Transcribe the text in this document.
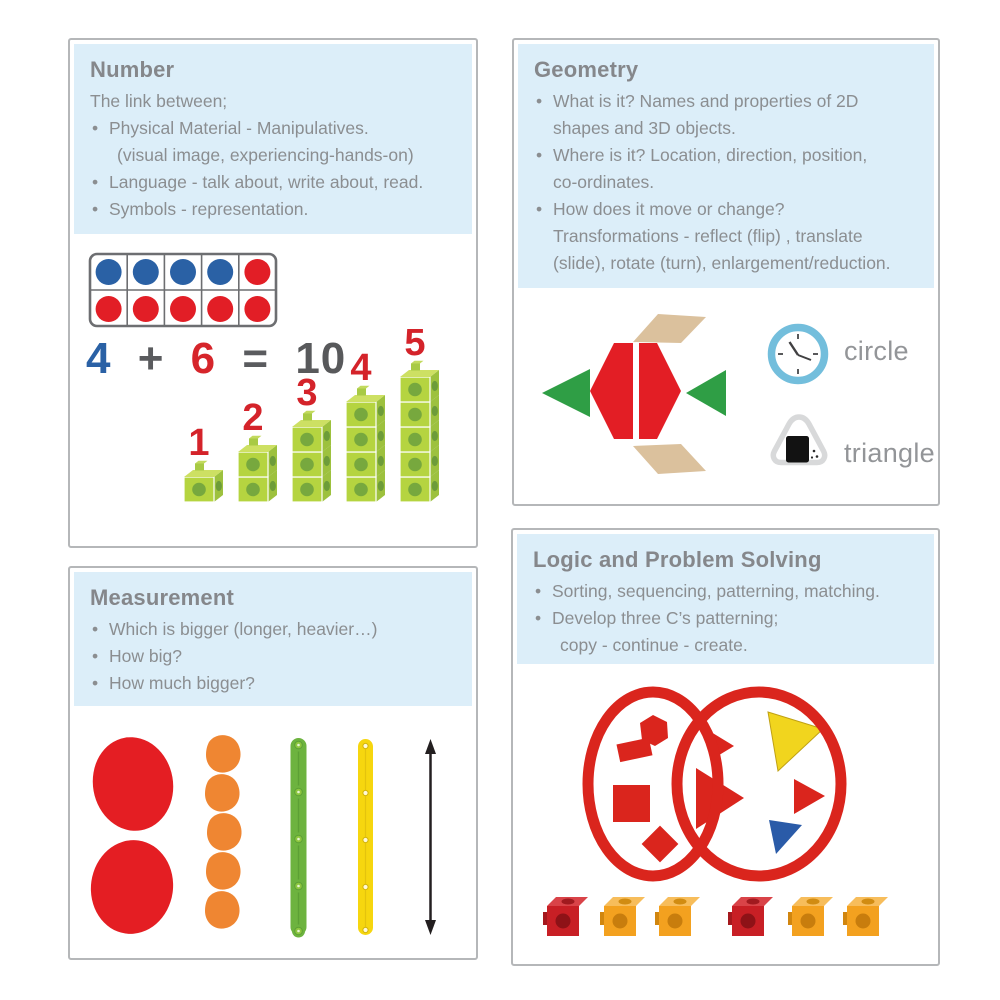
Number
The link between;
• Physical Material - Manipulatives.
(visual image, experiencing-hands-on)
• Language - talk about, write about, read.
• Symbols - representation.
4 + 6 = 10
1
2
3
4
5
Geometry
• What is it? Names and properties of 2D
shapes and 3D objects.
• Where is it? Location, direction, position,
co-ordinates.
• How does it move or change?
Transformations - reflect (flip) , translate
(slide), rotate (turn), enlargement/reduction.
circle
triangle
Measurement
• Which is bigger (longer, heavier…)
• How big?
• How much bigger?
Logic and Problem Solving
• Sorting, sequencing, patterning, matching.
• Develop three C’s patterning;
copy - continue - create.
